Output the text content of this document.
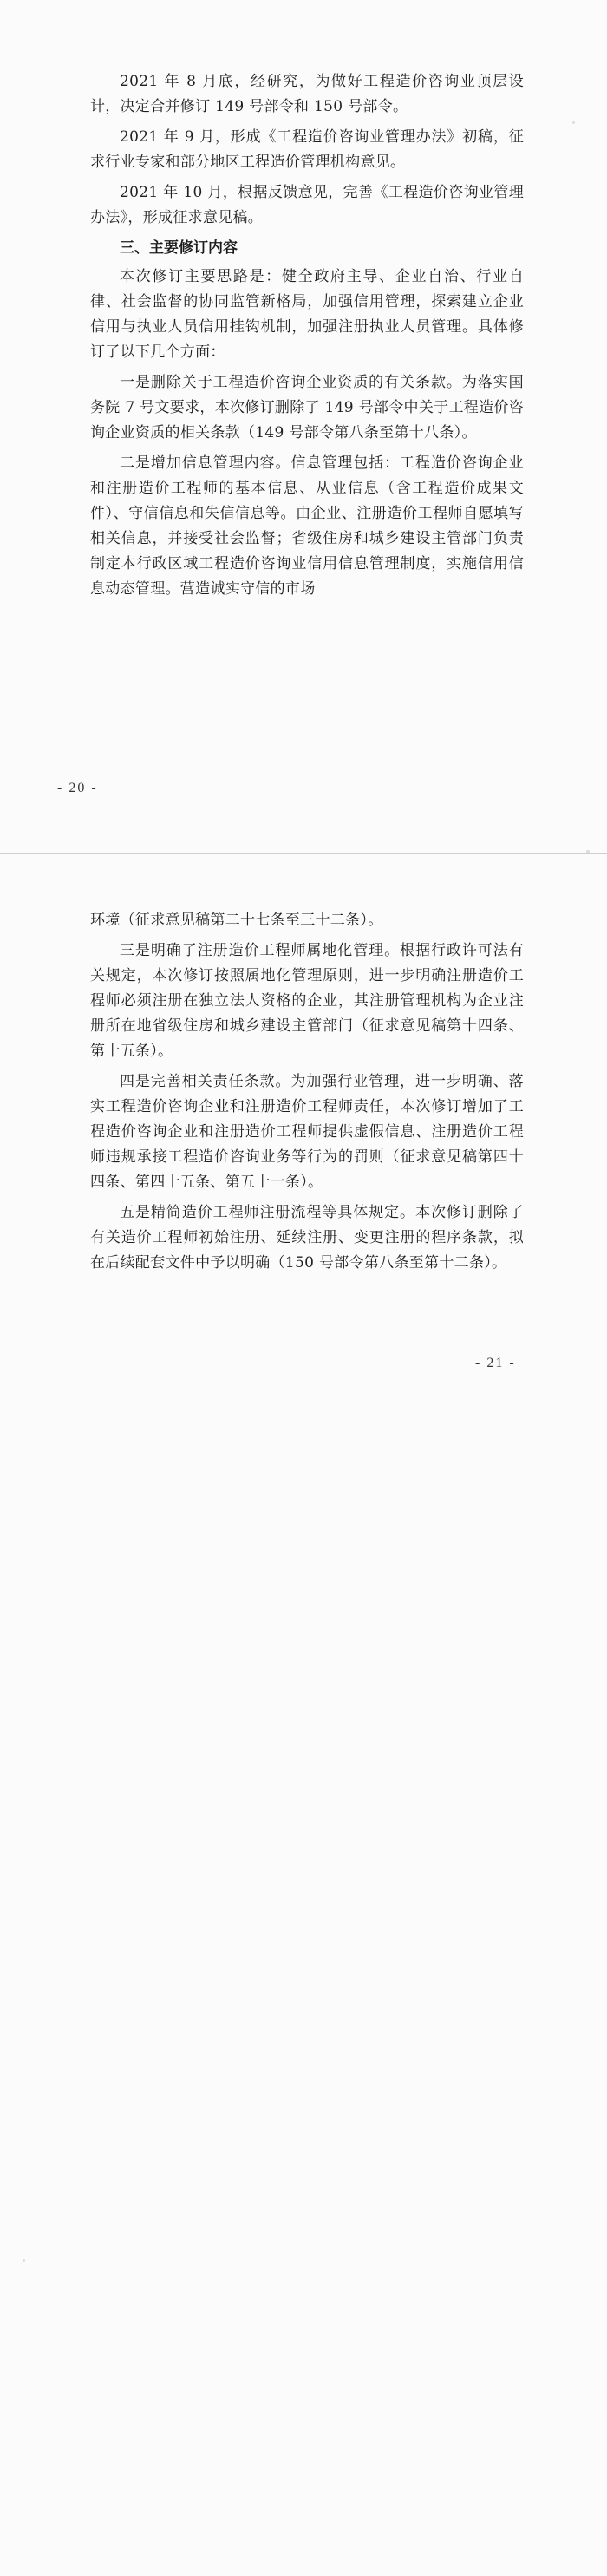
2021 年 8 月底，经研究，为做好工程造价咨询业顶层设计，决定合并修订 149 号部令和 150 号部令。

2021 年 9 月，形成《工程造价咨询业管理办法》初稿，征求行业专家和部分地区工程造价管理机构意见。

2021 年 10 月，根据反馈意见，完善《工程造价咨询业管理办法》，形成征求意见稿。

三、主要修订内容

本次修订主要思路是：健全政府主导、企业自治、行业自律、社会监督的协同监管新格局，加强信用管理，探索建立企业信用与执业人员信用挂钩机制，加强注册执业人员管理。具体修订了以下几个方面：

一是删除关于工程造价咨询企业资质的有关条款。为落实国务院 7 号文要求，本次修订删除了 149 号部令中关于工程造价咨询企业资质的相关条款（149 号部令第八条至第十八条）。

二是增加信息管理内容。信息管理包括：工程造价咨询企业和注册造价工程师的基本信息、从业信息（含工程造价成果文件）、守信信息和失信信息等。由企业、注册造价工程师自愿填写相关信息，并接受社会监督；省级住房和城乡建设主管部门负责制定本行政区域工程造价咨询业信用信息管理制度，实施信用信息动态管理。营造诚实守信的市场

- 20 -

环境（征求意见稿第二十七条至三十二条）。

三是明确了注册造价工程师属地化管理。根据行政许可法有关规定，本次修订按照属地化管理原则，进一步明确注册造价工程师必须注册在独立法人资格的企业，其注册管理机构为企业注册所在地省级住房和城乡建设主管部门（征求意见稿第十四条、第十五条）。

四是完善相关责任条款。为加强行业管理，进一步明确、落实工程造价咨询企业和注册造价工程师责任，本次修订增加了工程造价咨询企业和注册造价工程师提供虚假信息、注册造价工程师违规承接工程造价咨询业务等行为的罚则（征求意见稿第四十四条、第四十五条、第五十一条）。

五是精简造价工程师注册流程等具体规定。本次修订删除了有关造价工程师初始注册、延续注册、变更注册的程序条款，拟在后续配套文件中予以明确（150 号部令第八条至第十二条）。

- 21 -
